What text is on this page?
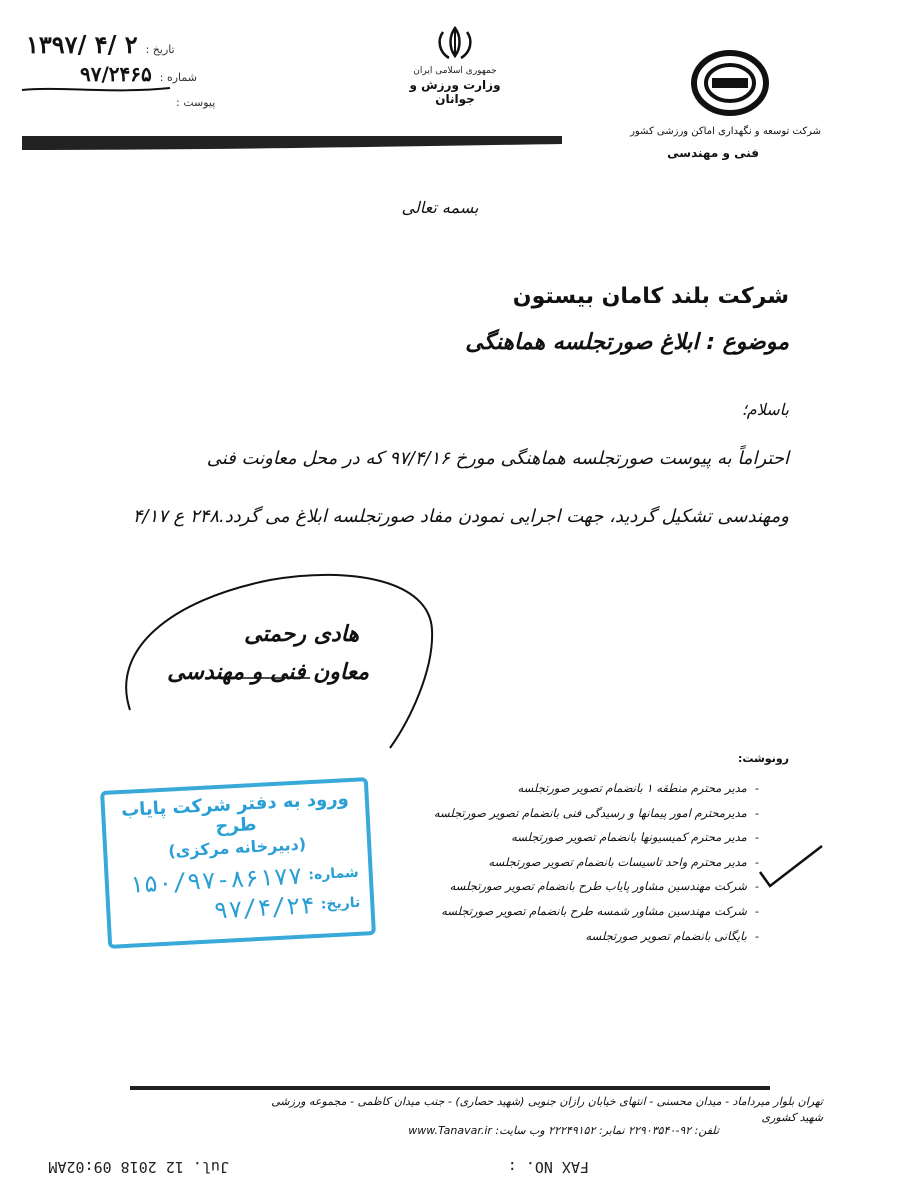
۱۳۹۷/ ۴/ ۲ تاریخ :
۹۷/۲۴۶۵ شماره :
پیوست :
جمهوری اسلامی ایران
وزارت ورزش و جوانان
شرکت توسعه و نگهداری اماکن ورزشی کشور
فنی و مهندسی
بسمه تعالی
شرکت بلند کامان بیستون
موضوع : ابلاغ صورتجلسه هماهنگی
باسلام؛
احتراماً به پیوست صورتجلسه هماهنگی مورخ ۹۷/۴/۱۶ که در محل معاونت فنی
ومهندسی تشکیل گردید، جهت اجرایی نمودن مفاد صورتجلسه ابلاغ می گردد.۲۴۸ ع ۴/۱۷
هادی رحمتی
معاون فنی و مهندسی
رونوشت:
-مدیر محترم منطقه ۱ بانضمام تصویر صورتجلسه
-مدیرمحترم امور پیمانها و رسیدگی فنی بانضمام تصویر صورتجلسه
-مدیر محترم کمیسیونها بانضمام تصویر صورتجلسه
-مدیر محترم واحد تاسیسات بانضمام تصویر صورتجلسه
-شرکت مهندسین مشاور پایاب طرح بانضمام تصویر صورتجلسه
-شرکت مهندسین مشاور شمسه طرح بانضمام تصویر صورتجلسه
-بایگانی بانضمام تصویر صورتجلسه
ورود به دفتر شرکت پایاب طرح
(دبیرخانه مرکزی)
شماره:
۱۵۰/۹۷-۸۶۱۷۷
تاریخ:
۹۷/۴/۲۴
تهران بلوار میرداماد - میدان محسنی - انتهای خیابان رازان جنوبی (شهید حصاری) - جنب میدان کاظمی - مجموعه ورزشی شهید کشوری
تلفن: ۹۲-۲۲۹۰۳۵۴۰ نمابر: ۲۲۲۴۹۱۵۲ وب سایت: www.Tanavar.ir
FAX NO. :
Jul. 12 2018 09:02AM
